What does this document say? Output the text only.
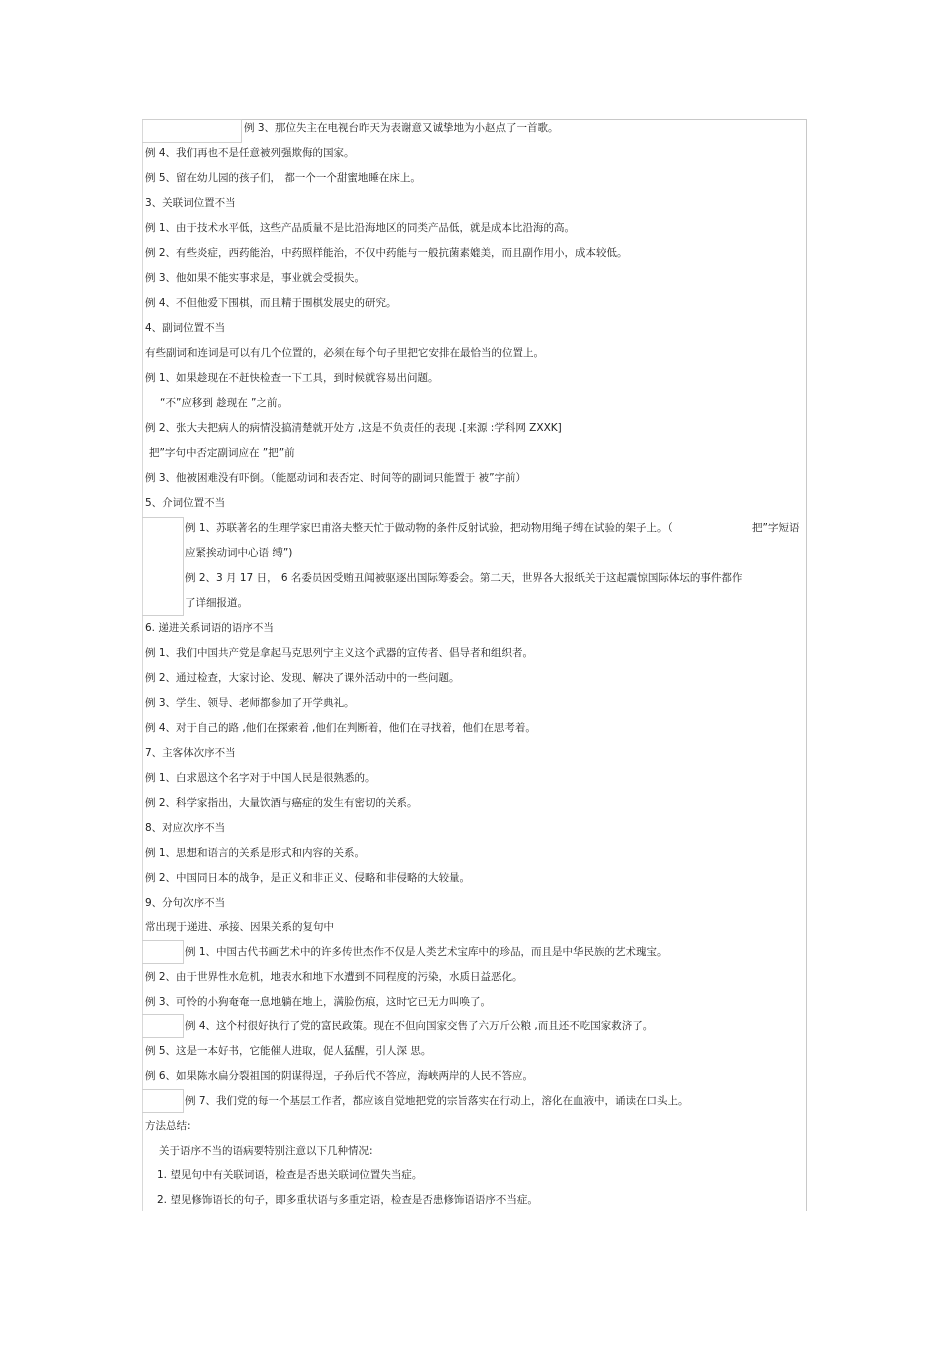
例 3、那位失主在电视台昨天为表谢意又诚挚地为小赵点了一首歌。
例 4、我们再也不是任意被列强欺侮的国家。
例 5、留在幼儿园的孩子们， 都一个一个甜蜜地睡在床上。
3、关联词位置不当
例 1、由于技术水平低，这些产品质量不是比沿海地区的同类产品低，就是成本比沿海的高。
例 2、有些炎症，西药能治，中药照样能治，不仅中药能与一般抗菌素媲美，而且副作用小，成本较低。
例 3、他如果不能实事求是，事业就会受损失。
例 4、不但他爱下围棋，而且精于围棋发展史的研究。
4、副词位置不当
有些副词和连词是可以有几个位置的，必须在每个句子里把它安排在最恰当的位置上。
例 1、如果趁现在不赶快检查一下工具，到时候就容易出问题。
“不”应移到 趁现在 ”之前。
例 2、张大夫把病人的病情没搞清楚就开处方 ,这是不负责任的表现 .[来源 :学科网 ZXXK]
把”字句中否定副词应在 ”把”前
例 3、他被困难没有吓倒。（能愿动词和表否定、时间等的副词只能置于 被”字前）
5、介词位置不当
例 1、苏联著名的生理学家巴甫洛夫整天忙于做动物的条件反射试验，把动物用绳子缚在试验的架子上。（	把”字短语
应紧挨动词中心语 缚”)
例 2、3 月 17 日， 6 名委员因受贿丑闻被驱逐出国际筹委会。第二天，世界各大报纸关于这起震惊国际体坛的事件都作
了详细报道。
6. 递进关系词语的语序不当
例 1、我们中国共产党是拿起马克思列宁主义这个武器的宣传者、倡导者和组织者。
例 2、通过检查，大家讨论、发现、解决了课外活动中的一些问题。
例 3、学生、领导、老师都参加了开学典礼。
例 4、对于自己的路 ,他们在探索着 ,他们在判断着，他们在寻找着，他们在思考着。
7、主客体次序不当
例 1、白求恩这个名字对于中国人民是很熟悉的。
例 2、科学家指出，大量饮酒与癌症的发生有密切的关系。
8、对应次序不当
例 1、思想和语言的关系是形式和内容的关系。
例 2、中国同日本的战争，是正义和非正义、侵略和非侵略的大较量。
9、分句次序不当
常出现于递进、承接、因果关系的复句中
例 1、中国古代书画艺术中的许多传世杰作不仅是人类艺术宝库中的珍品，而且是中华民族的艺术瑰宝。
例 2、由于世界性水危机，地表水和地下水遭到不同程度的污染，水质日益恶化。
例 3、可怜的小狗奄奄一息地躺在地上，满脸伤痕，这时它已无力叫唤了。
例 4、这个村很好执行了党的富民政策。现在不但向国家交售了六万斤公粮 ,而且还不吃国家救济了。
例 5、这是一本好书，它能催人进取，促人猛醒，引人深 思。
例 6、如果陈水扁分裂祖国的阴谋得逞，子孙后代不答应，海峡两岸的人民不答应。
例 7、我们党的每一个基层工作者，都应该自觉地把党的宗旨落实在行动上，溶化在血液中，诵读在口头上。
方法总结:
关于语序不当的语病要特别注意以下几种情况:
1. 望见句中有关联词语，检查是否患关联词位置失当症。
2. 望见修饰语长的句子，即多重状语与多重定语，检查是否患修饰语语序不当症。
